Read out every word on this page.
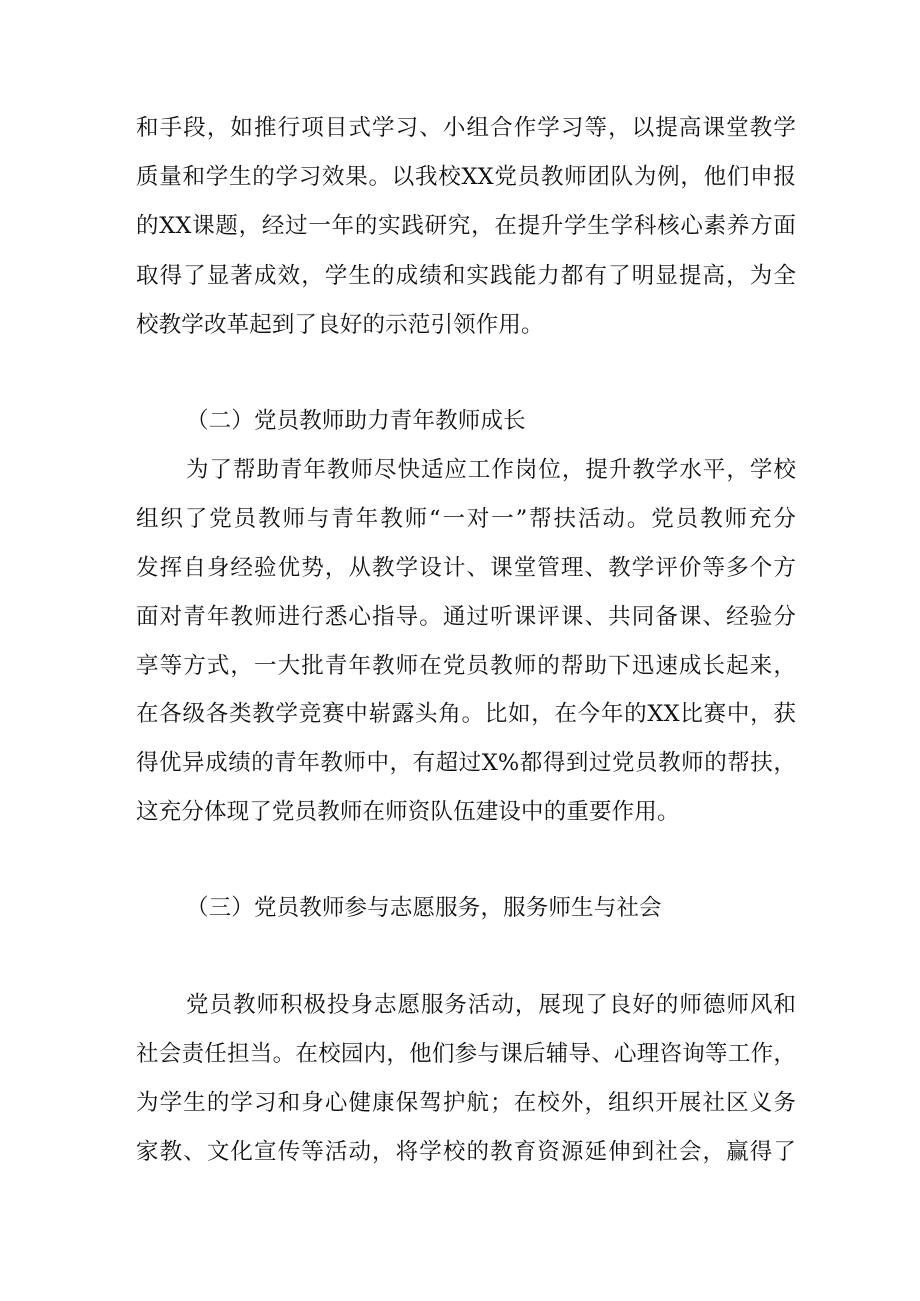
和手段，如推行项目式学习、小组合作学习等，以提高课堂教学
质量和学生的学习效果。以我校XX党员教师团队为例，他们申报
的XX课题，经过一年的实践研究，在提升学生学科核心素养方面
取得了显著成效，学生的成绩和实践能力都有了明显提高，为全
校教学改革起到了良好的示范引领作用。
（二）党员教师助力青年教师成长
为了帮助青年教师尽快适应工作岗位，提升教学水平，学校
组织了党员教师与青年教师“一对一”帮扶活动。党员教师充分
发挥自身经验优势，从教学设计、课堂管理、教学评价等多个方
面对青年教师进行悉心指导。通过听课评课、共同备课、经验分
享等方式，一大批青年教师在党员教师的帮助下迅速成长起来，
在各级各类教学竞赛中崭露头角。比如，在今年的XX比赛中，获
得优异成绩的青年教师中，有超过X%都得到过党员教师的帮扶，
这充分体现了党员教师在师资队伍建设中的重要作用。
（三）党员教师参与志愿服务，服务师生与社会
党员教师积极投身志愿服务活动，展现了良好的师德师风和
社会责任担当。在校园内，他们参与课后辅导、心理咨询等工作，
为学生的学习和身心健康保驾护航；在校外，组织开展社区义务
家教、文化宣传等活动，将学校的教育资源延伸到社会，赢得了
